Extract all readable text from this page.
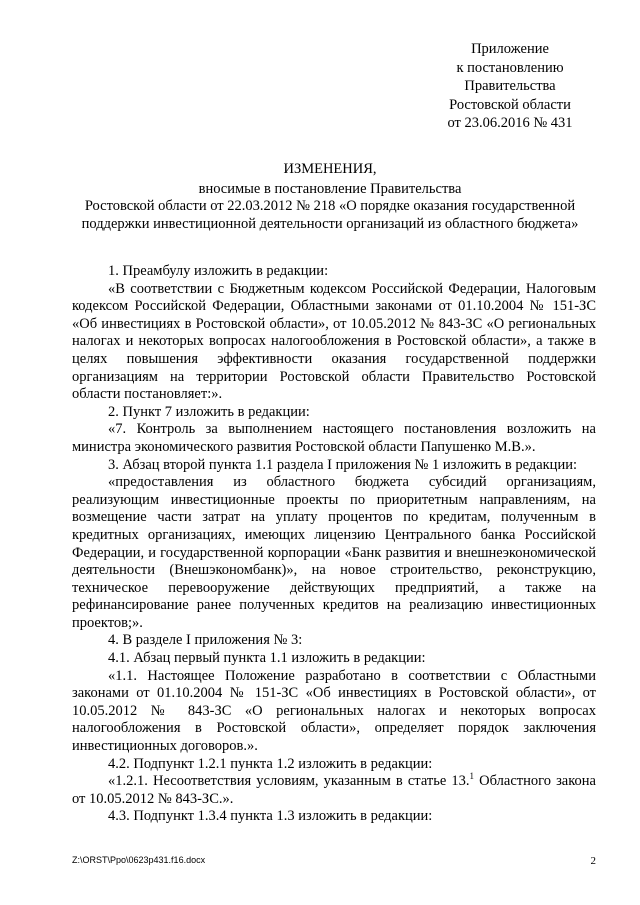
Приложение
к постановлению
Правительства
Ростовской области
от 23.06.2016 № 431
ИЗМЕНЕНИЯ,
вносимые в постановление Правительства
Ростовской области от 22.03.2012 № 218 «О порядке оказания государственной
поддержки инвестиционной деятельности организаций из областного бюджета»

1. Преамбулу изложить в редакции:

«В соответствии с Бюджетным кодексом Российской Федерации, Налоговым кодексом Российской Федерации, Областными законами от 01.10.2004 № 151-ЗС «Об инвестициях в Ростовской области», от 10.05.2012 № 843-ЗС «О региональных налогах и некоторых вопросах налогообложения в Ростовской области», а также в целях повышения эффективности оказания государственной поддержки организациям на территории Ростовской области Правительство Ростовской области постановляет:».

2. Пункт 7 изложить в редакции:

«7. Контроль за выполнением настоящего постановления возложить на министра экономического развития Ростовской области Папушенко М.В.».

3. Абзац второй пункта 1.1 раздела I приложения № 1 изложить в редакции:

«предоставления из областного бюджета субсидий организациям, реализующим инвестиционные проекты по приоритетным направлениям, на возмещение части затрат на уплату процентов по кредитам, полученным в кредитных организациях, имеющих лицензию Центрального банка Российской Федерации, и государственной корпорации «Банк развития и внешнеэкономической деятельности (Внешэкономбанк)», на новое строительство, реконструкцию, техническое перевооружение действующих предприятий, а также на рефинансирование ранее полученных кредитов на реализацию инвестиционных проектов;».

4. В разделе I приложения № 3:

4.1. Абзац первый пункта 1.1 изложить в редакции:

«1.1. Настоящее Положение разработано в соответствии с Областными законами от 01.10.2004 № 151-ЗС «Об инвестициях в Ростовской области», от 10.05.2012 № 843-ЗС «О региональных налогах и некоторых вопросах налогообложения в Ростовской области», определяет порядок заключения инвестиционных договоров.».

4.2. Подпункт 1.2.1 пункта 1.2 изложить в редакции:

«1.2.1. Несоответствия условиям, указанным в статье 13.$^1$ Областного закона от 10.05.2012 № 843-ЗС.».

4.3. Подпункт 1.3.4 пункта 1.3 изложить в редакции:

Z:\ORST\Ppo\0623p431.f16.docx	2
